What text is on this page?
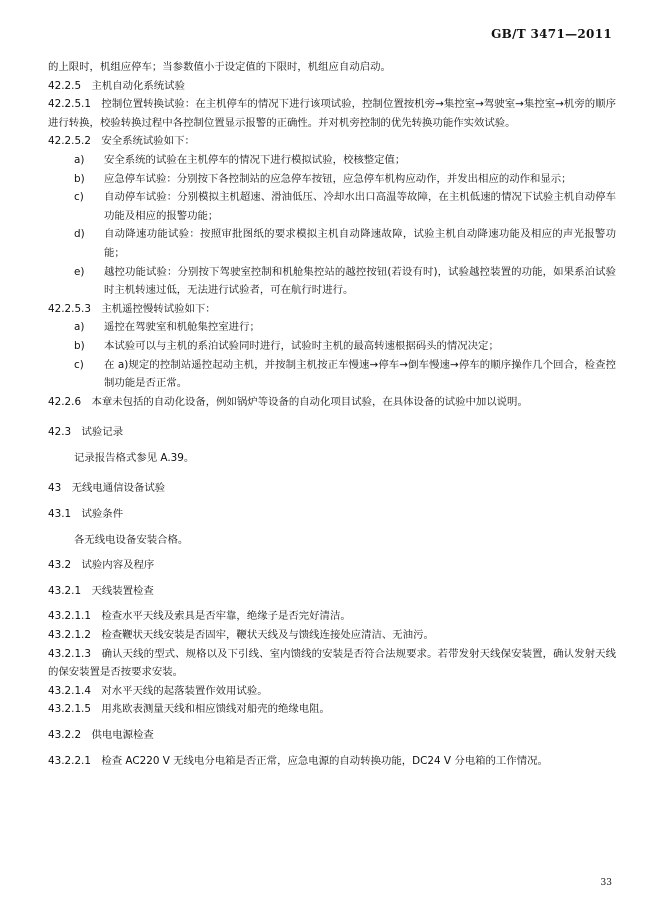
GB/T 3471—2011

的上限时，机组应停车；当参数值小于设定值的下限时，机组应自动启动。

42.2.5　主机自动化系统试验

42.2.5.1　控制位置转换试验：在主机停车的情况下进行该项试验，控制位置按机旁→集控室→驾驶室→集控室→机旁的顺序进行转换，校验转换过程中各控制位置显示报警的正确性。并对机旁控制的优先转换功能作实效试验。

42.2.5.2　安全系统试验如下：

a)	安全系统的试验在主机停车的情况下进行模拟试验，校核整定值；
b)	应急停车试验：分别按下各控制站的应急停车按钮，应急停车机构应动作，并发出相应的动作和显示；
c)	自动停车试验：分别模拟主机超速、滑油低压、冷却水出口高温等故障，在主机低速的情况下试验主机自动停车功能及相应的报警功能；
d)	自动降速功能试验：按照审批图纸的要求模拟主机自动降速故障，试验主机自动降速功能及相应的声光报警功能；
e)	越控功能试验：分别按下驾驶室控制和机舱集控站的越控按钮(若设有时)，试验越控装置的功能，如果系泊试验时主机转速过低，无法进行试验者，可在航行时进行。

42.2.5.3　主机遥控慢转试验如下：

a)	遥控在驾驶室和机舱集控室进行；
b)	本试验可以与主机的系泊试验同时进行，试验时主机的最高转速根据码头的情况决定；
c)	在 a)规定的控制站遥控起动主机，并按制主机按正车慢速→停车→倒车慢速→停车的顺序操作几个回合，检查控制功能是否正常。

42.2.6　本章未包括的自动化设备，例如锅炉等设备的自动化项目试验，在具体设备的试验中加以说明。

42.3　试验记录

记录报告格式参见 A.39。

43　无线电通信设备试验

43.1　试验条件

各无线电设备安装合格。

43.2　试验内容及程序

43.2.1　天线装置检查

43.2.1.1　检查水平天线及索具是否牢靠，绝缘子是否完好清洁。

43.2.1.2　检查鞭状天线安装是否固牢，鞭状天线及与馈线连接处应清洁、无油污。

43.2.1.3　确认天线的型式、规格以及下引线、室内馈线的安装是否符合法规要求。若带发射天线保安装置，确认发射天线的保安装置是否按要求安装。

43.2.1.4　对水平天线的起落装置作效用试验。

43.2.1.5　用兆欧表测量天线和相应馈线对船壳的绝缘电阻。

43.2.2　供电电源检查

43.2.2.1　检查 AC220 V 无线电分电箱是否正常，应急电源的自动转换功能，DC24 V 分电箱的工作情况。

33
